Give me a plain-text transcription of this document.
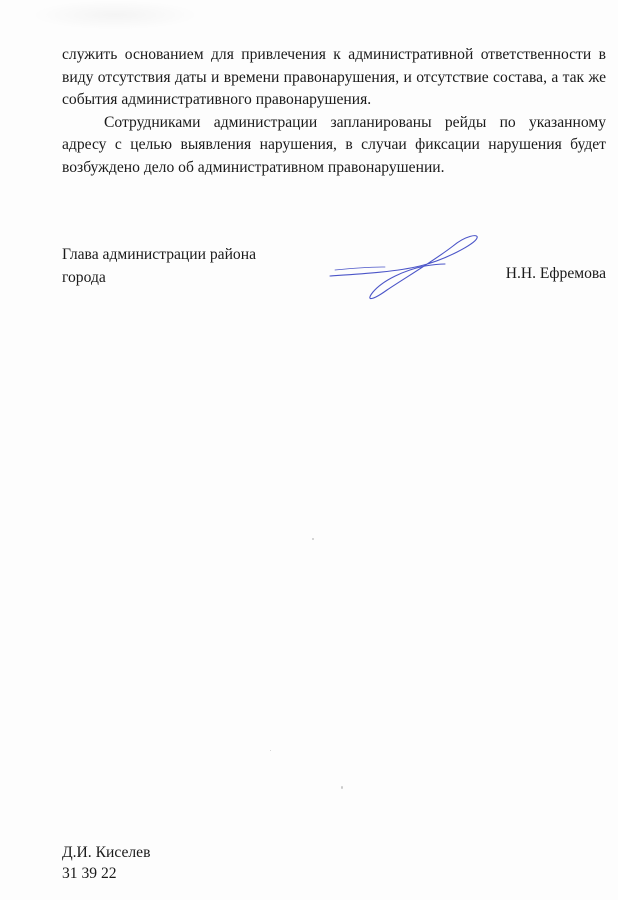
служить основанием для привлечения к административной ответственности в виду отсутствия даты и времени правонарушения, и отсутствие состава, а так же события административного правонарушения.

Сотрудниками администрации запланированы рейды по указанному адресу с целью выявления нарушения, в случаи фиксации нарушения будет возбуждено дело об административном правонарушении.

Глава администрации района
города	Н.Н. Ефремова
Д.И. Киселев
31 39 22
